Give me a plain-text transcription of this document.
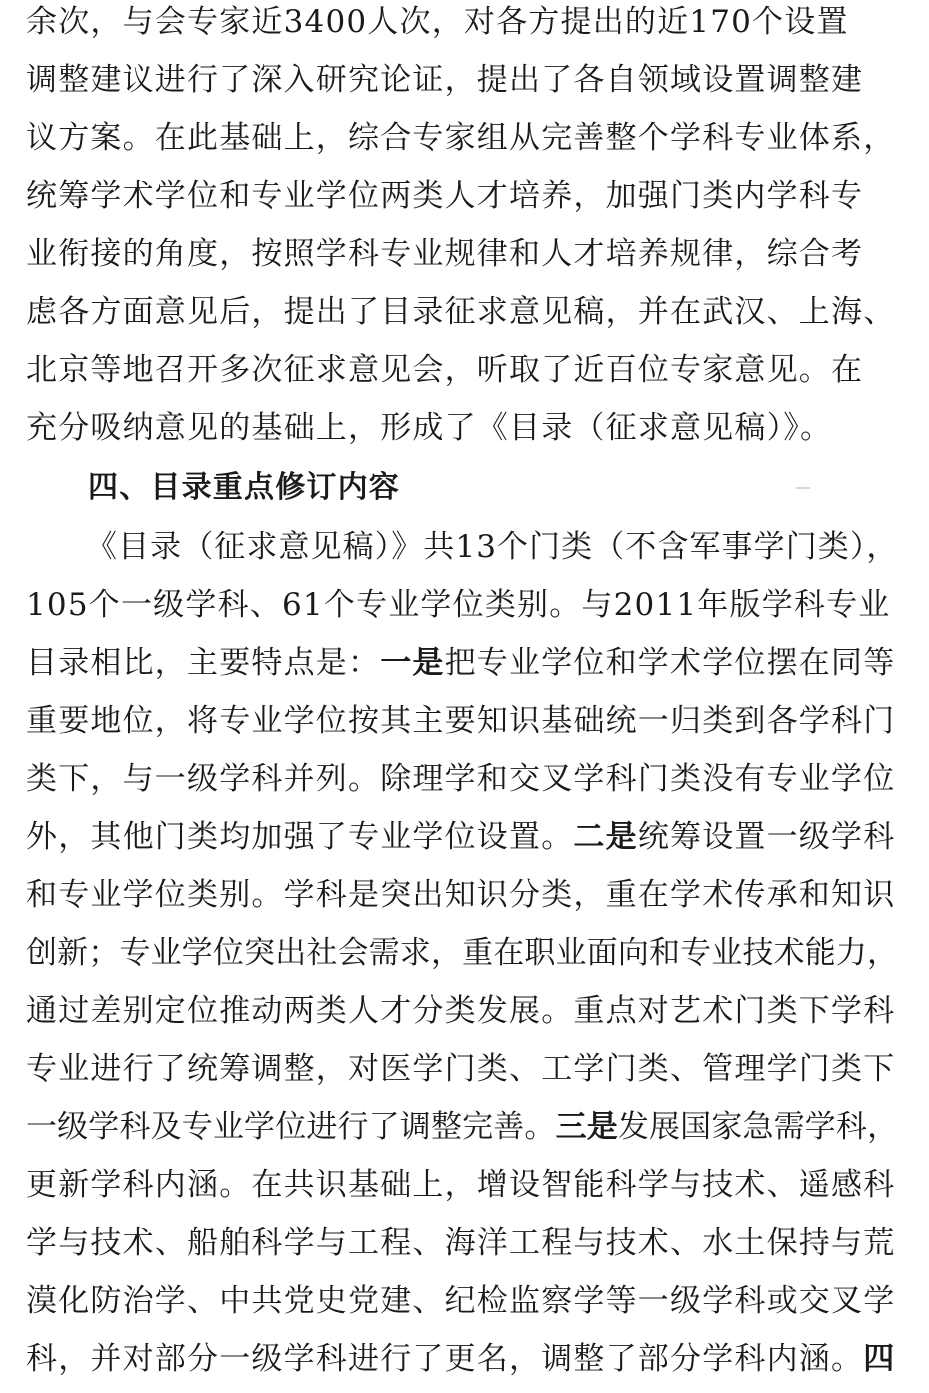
余次，与会专家近3400人次，对各方提出的近170个设置
调整建议进行了深入研究论证，提出了各自领域设置调整建
议方案。在此基础上，综合专家组从完善整个学科专业体系，
统筹学术学位和专业学位两类人才培养，加强门类内学科专
业衔接的角度，按照学科专业规律和人才培养规律，综合考
虑各方面意见后，提出了目录征求意见稿，并在武汉、上海、
北京等地召开多次征求意见会，听取了近百位专家意见。在
充分吸纳意见的基础上，形成了《目录（征求意见稿）》。
四、目录重点修订内容
《目录（征求意见稿）》共13个门类（不含军事学门类），
105个一级学科、61个专业学位类别。与2011年版学科专业
目录相比，主要特点是：一是把专业学位和学术学位摆在同等
重要地位，将专业学位按其主要知识基础统一归类到各学科门
类下，与一级学科并列。除理学和交叉学科门类没有专业学位
外，其他门类均加强了专业学位设置。二是统筹设置一级学科
和专业学位类别。学科是突出知识分类，重在学术传承和知识
创新；专业学位突出社会需求，重在职业面向和专业技术能力，
通过差别定位推动两类人才分类发展。重点对艺术门类下学科
专业进行了统筹调整，对医学门类、工学门类、管理学门类下
一级学科及专业学位进行了调整完善。三是发展国家急需学科，
更新学科内涵。在共识基础上，增设智能科学与技术、遥感科
学与技术、船舶科学与工程、海洋工程与技术、水土保持与荒
漠化防治学、中共党史党建、纪检监察学等一级学科或交叉学
科，并对部分一级学科进行了更名，调整了部分学科内涵。四
